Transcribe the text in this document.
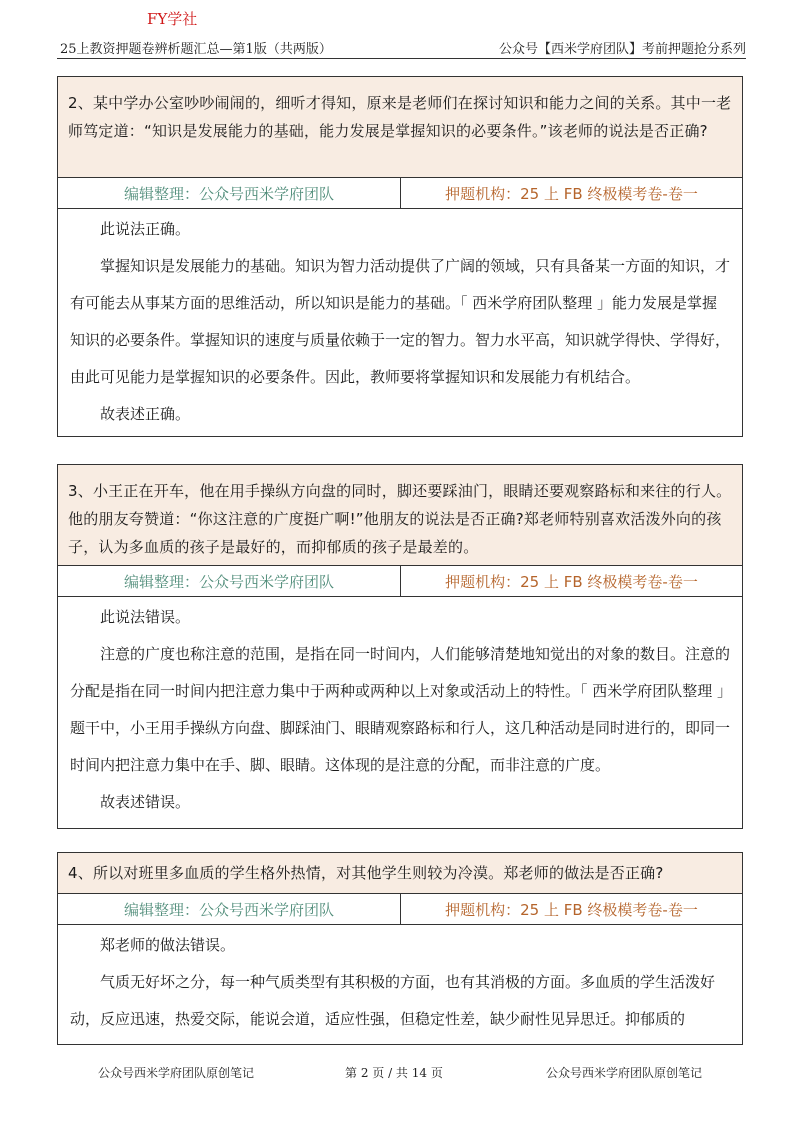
FY学社
25上教资押题卷辨析题汇总—第1版（共两版）	公众号【西米学府团队】考前押题抢分系列
2、某中学办公室吵吵闹闹的，细听才得知，原来是老师们在探讨知识和能力之间的关系。其中一老师笃定道：“知识是发展能力的基础，能力发展是掌握知识的必要条件。”该老师的说法是否正确?
编辑整理：公众号西米学府团队	押题机构：25 上 FB 终极模考卷-卷一

此说法正确。

掌握知识是发展能力的基础。知识为智力活动提供了广阔的领域，只有具备某一方面的知识，才有可能去从事某方面的思维活动，所以知识是能力的基础。「 西米学府团队整理 」能力发展是掌握知识的必要条件。掌握知识的速度与质量依赖于一定的智力。智力水平高，知识就学得快、学得好，由此可见能力是掌握知识的必要条件。因此，教师要将掌握知识和发展能力有机结合。

故表述正确。

3、小王正在开车，他在用手操纵方向盘的同时，脚还要踩油门，眼睛还要观察路标和来往的行人。他的朋友夸赞道：“你这注意的广度挺广啊!”他朋友的说法是否正确?郑老师特别喜欢活泼外向的孩子，认为多血质的孩子是最好的，而抑郁质的孩子是最差的。
编辑整理：公众号西米学府团队	押题机构：25 上 FB 终极模考卷-卷一

此说法错误。

注意的广度也称注意的范围，是指在同一时间内，人们能够清楚地知觉出的对象的数目。注意的分配是指在同一时间内把注意力集中于两种或两种以上对象或活动上的特性。「 西米学府团队整理 」题干中，小王用手操纵方向盘、脚踩油门、眼睛观察路标和行人，这几种活动是同时进行的，即同一时间内把注意力集中在手、脚、眼睛。这体现的是注意的分配，而非注意的广度。

故表述错误。

4、所以对班里多血质的学生格外热情，对其他学生则较为冷漠。郑老师的做法是否正确?
编辑整理：公众号西米学府团队	押题机构：25 上 FB 终极模考卷-卷一

郑老师的做法错误。

气质无好坏之分，每一种气质类型有其积极的方面，也有其消极的方面。多血质的学生活泼好动，反应迅速，热爱交际，能说会道，适应性强，但稳定性差，缺少耐性见异思迁。抑郁质的

公众号西米学府团队原创笔记	第 2 页 / 共 14 页	公众号西米学府团队原创笔记
